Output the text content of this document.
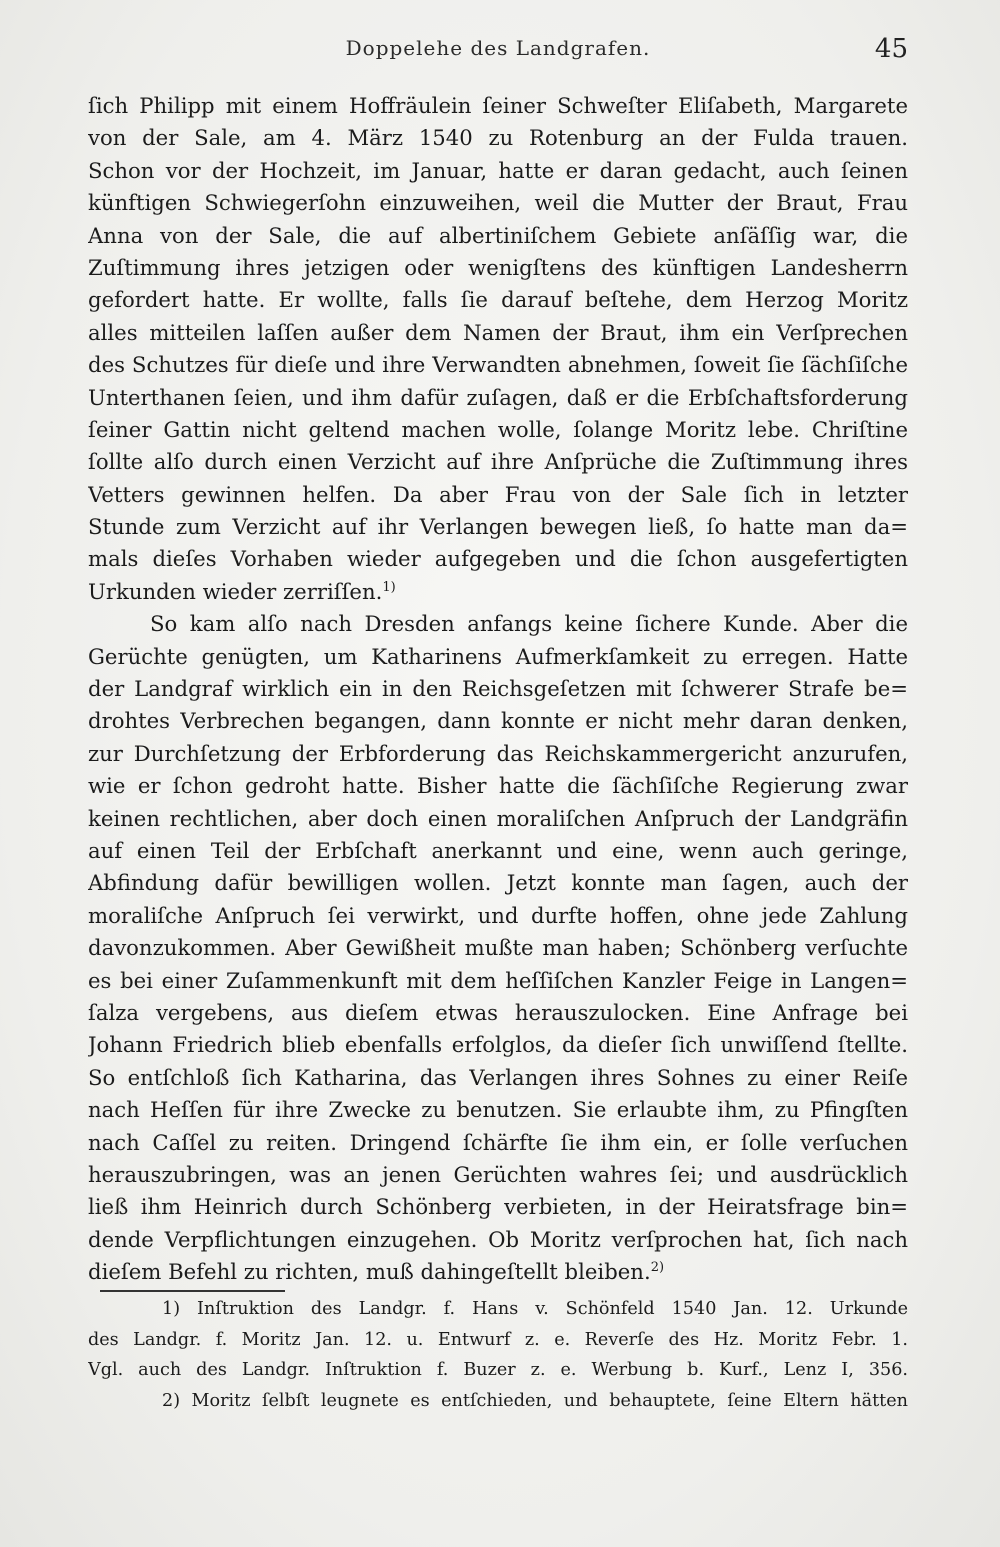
Doppelehe des Landgrafen.	45
ſich Philipp mit einem Hoffräulein ſeiner Schweſter Eliſabeth, Margarete
von der Sale, am 4. März 1540 zu Rotenburg an der Fulda trauen.
Schon vor der Hochzeit, im Januar, hatte er daran gedacht, auch ſeinen
künftigen Schwiegerſohn einzuweihen, weil die Mutter der Braut, Frau
Anna von der Sale, die auf albertiniſchem Gebiete anſäſſig war, die
Zuſtimmung ihres jetzigen oder wenigſtens des künftigen Landesherrn
gefordert hatte. Er wollte, falls ſie darauf beſtehe, dem Herzog Moritz
alles mitteilen laſſen außer dem Namen der Braut, ihm ein Verſprechen
des Schutzes für dieſe und ihre Verwandten abnehmen, ſoweit ſie ſächſiſche
Unterthanen ſeien, und ihm dafür zuſagen, daß er die Erbſchaftsforderung
ſeiner Gattin nicht geltend machen wolle, ſolange Moritz lebe. Chriſtine
ſollte alſo durch einen Verzicht auf ihre Anſprüche die Zuſtimmung ihres
Vetters gewinnen helfen. Da aber Frau von der Sale ſich in letzter
Stunde zum Verzicht auf ihr Verlangen bewegen ließ, ſo hatte man da=
mals dieſes Vorhaben wieder aufgegeben und die ſchon ausgefertigten
Urkunden wieder zerriſſen.$^{1)}$
So kam alſo nach Dresden anfangs keine ſichere Kunde. Aber die
Gerüchte genügten, um Katharinens Aufmerkſamkeit zu erregen. Hatte
der Landgraf wirklich ein in den Reichsgeſetzen mit ſchwerer Strafe be=
drohtes Verbrechen begangen, dann konnte er nicht mehr daran denken,
zur Durchſetzung der Erbforderung das Reichskammergericht anzurufen,
wie er ſchon gedroht hatte. Bisher hatte die ſächſiſche Regierung zwar
keinen rechtlichen, aber doch einen moraliſchen Anſpruch der Landgräfin
auf einen Teil der Erbſchaft anerkannt und eine, wenn auch geringe,
Abfindung dafür bewilligen wollen. Jetzt konnte man ſagen, auch der
moraliſche Anſpruch ſei verwirkt, und durfte hoffen, ohne jede Zahlung
davonzukommen. Aber Gewißheit mußte man haben; Schönberg verſuchte
es bei einer Zuſammenkunft mit dem heſſiſchen Kanzler Feige in Langen=
ſalza vergebens, aus dieſem etwas herauszulocken. Eine Anfrage bei
Johann Friedrich blieb ebenfalls erfolglos, da dieſer ſich unwiſſend ſtellte.
So entſchloß ſich Katharina, das Verlangen ihres Sohnes zu einer Reiſe
nach Heſſen für ihre Zwecke zu benutzen. Sie erlaubte ihm, zu Pfingſten
nach Caſſel zu reiten. Dringend ſchärfte ſie ihm ein, er ſolle verſuchen
herauszubringen, was an jenen Gerüchten wahres ſei; und ausdrücklich
ließ ihm Heinrich durch Schönberg verbieten, in der Heiratsfrage bin=
dende Verpflichtungen einzugehen. Ob Moritz verſprochen hat, ſich nach
dieſem Befehl zu richten, muß dahingeſtellt bleiben.$^{2)}$
1) Inſtruktion des Landgr. f. Hans v. Schönfeld 1540 Jan. 12. Urkunde
des Landgr. f. Moritz Jan. 12. u. Entwurf z. e. Reverſe des Hz. Moritz Febr. 1.
Vgl. auch des Landgr. Inſtruktion f. Buzer z. e. Werbung b. Kurf., Lenz I, 356.
2) Moritz ſelbſt leugnete es entſchieden, und behauptete, ſeine Eltern hätten
